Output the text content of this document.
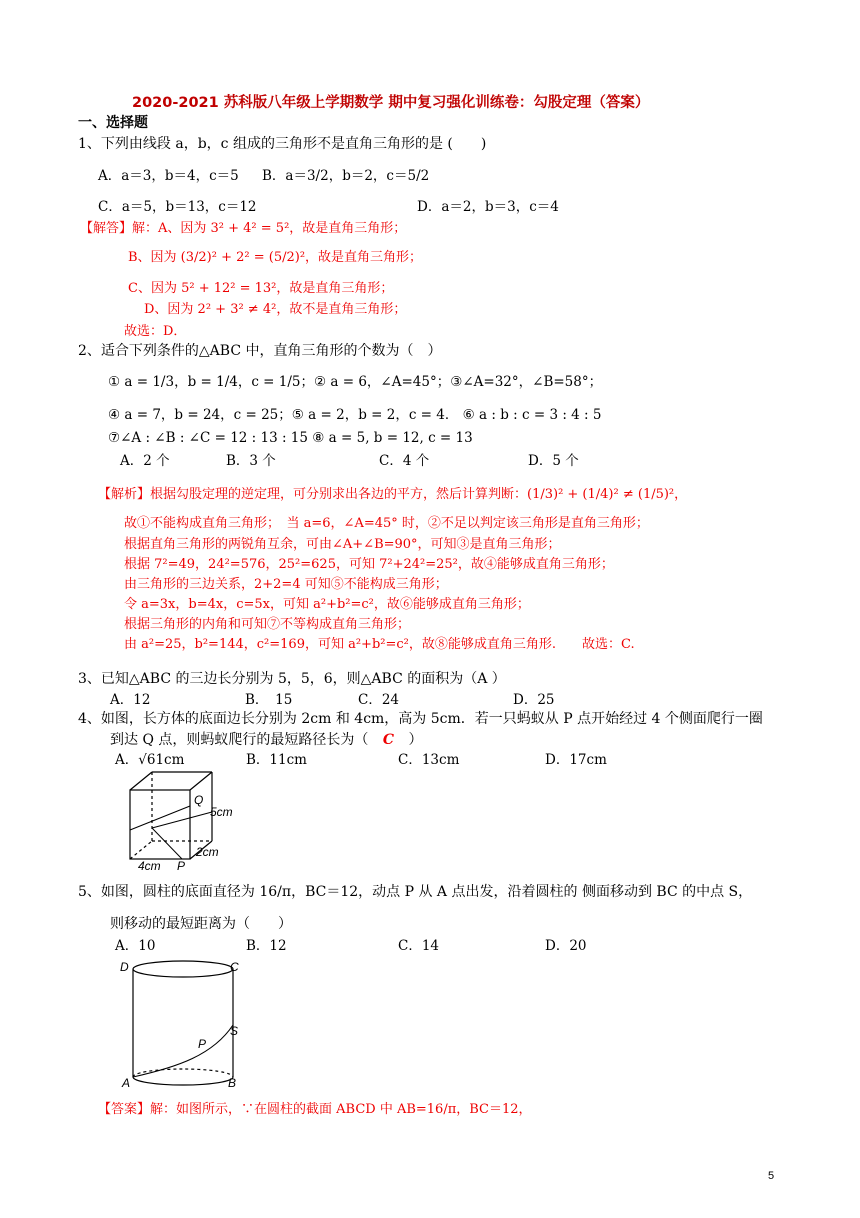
2020-2021 苏科版八年级上学期数学 期中复习强化训练卷：勾股定理（答案）
一、选择题
1、下列由线段 a，b，c 组成的三角形不是直角三角形的是 (　　)
A．a＝3，b＝4，c＝5 B．a＝3/2，b＝2，c＝5/2
C．a＝5，b＝13，c＝12	D．a＝2，b＝3，c＝4
【解答】解：A、因为 3² + 4² = 5²，故是直角三角形；
B、因为 (3/2)² + 2² = (5/2)²，故是直角三角形；
C、因为 5² + 12² = 13²，故是直角三角形；
D、因为 2² + 3² ≠ 4²，故不是直角三角形；
故选：D．
2、适合下列条件的△ABC 中，直角三角形的个数为（　）
① a = 1/3，b = 1/4，c = 1/5；② a = 6，∠A=45°；③∠A=32°，∠B=58°；
④ a = 7，b = 24，c = 25；⑤ a = 2，b = 2，c = 4． ⑥ a : b : c = 3 : 4 : 5
⑦∠A : ∠B : ∠C = 12 : 13 : 15 ⑧ a = 5, b = 12, c = 13
A．2 个	B．3 个	C．4 个	D．5 个
【解析】根据勾股定理的逆定理，可分别求出各边的平方，然后计算判断：(1/3)² + (1/4)² ≠ (1/5)²，
故①不能构成直角三角形；　当 a=6，∠A=45° 时，②不足以判定该三角形是直角三角形；
根据直角三角形的两锐角互余，可由∠A+∠B=90°，可知③是直角三角形；
根据 7²=49，24²=576，25²=625，可知 7²+24²=25²，故④能够成直角三角形；
由三角形的三边关系，2+2=4 可知⑤不能构成三角形；
令 a=3x，b=4x，c=5x，可知 a²+b²=c²，故⑥能够成直角三角形；
根据三角形的内角和可知⑦不等构成直角三角形；
由 a²=25，b²=144，c²=169，可知 a²+b²=c²，故⑧能够成直角三角形.　　故选：C.
3、已知△ABC 的三边长分别为 5，5，6，则△ABC 的面积为（A ）
A．12	B．　15	C．24	D．25
4、如图，长方体的底面边长分别为 2cm 和 4cm，高为 5cm．若一只蚂蚁从 P 点开始经过 4 个侧面爬行一圈
到达 Q 点，则蚂蚁爬行的最短路径长为（ C ）
A．√61cm	B．11cm	C．13cm	D．17cm
Q
5cm
2cm
4cm P
5、如图，圆柱的底面直径为 16/π，BC＝12，动点 P 从 A 点出发，沿着圆柱的 侧面移动到 BC 的中点 S，
则移动的最短距离为（　　）
A．10	B．12	C．14	D．20
D	C
S
P
A	B
【答案】解：如图所示，∵在圆柱的截面 ABCD 中 AB=16/π，BC＝12，
5
